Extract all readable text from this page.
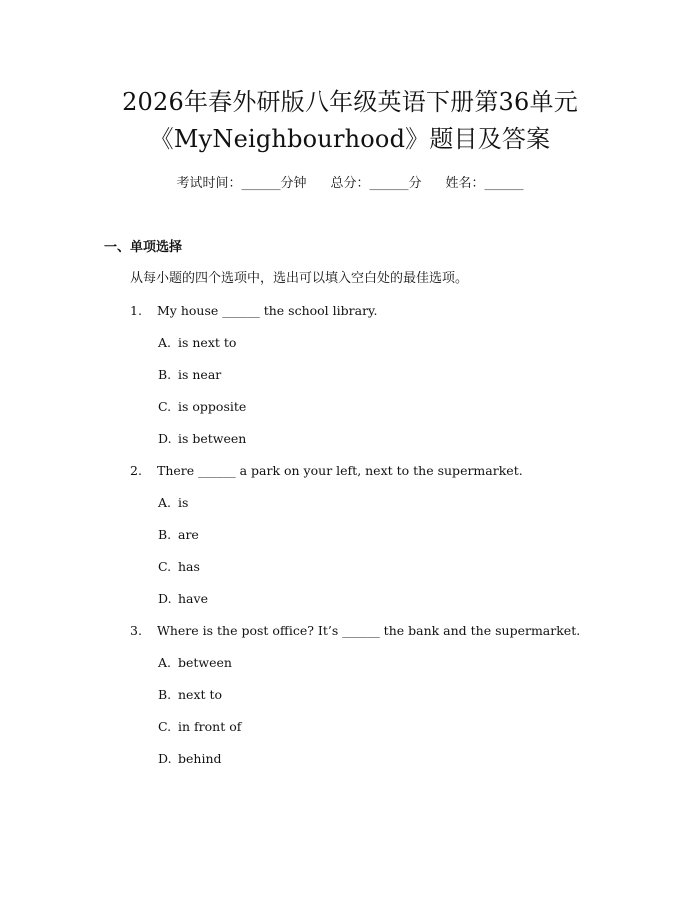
2026年春外研版八年级英语下册第36单元
《MyNeighbourhood》题目及答案
考试时间：______分钟 总分：______分 姓名：______
一、单项选择
从每小题的四个选项中，选出可以填入空白处的最佳选项。
1. My house ______ the school library.
A. is next to
B. is near
C. is opposite
D. is between
2. There ______ a park on your left, next to the supermarket.
A. is
B. are
C. has
D. have
3. Where is the post office? It’s ______ the bank and the supermarket.
A. between
B. next to
C. in front of
D. behind
